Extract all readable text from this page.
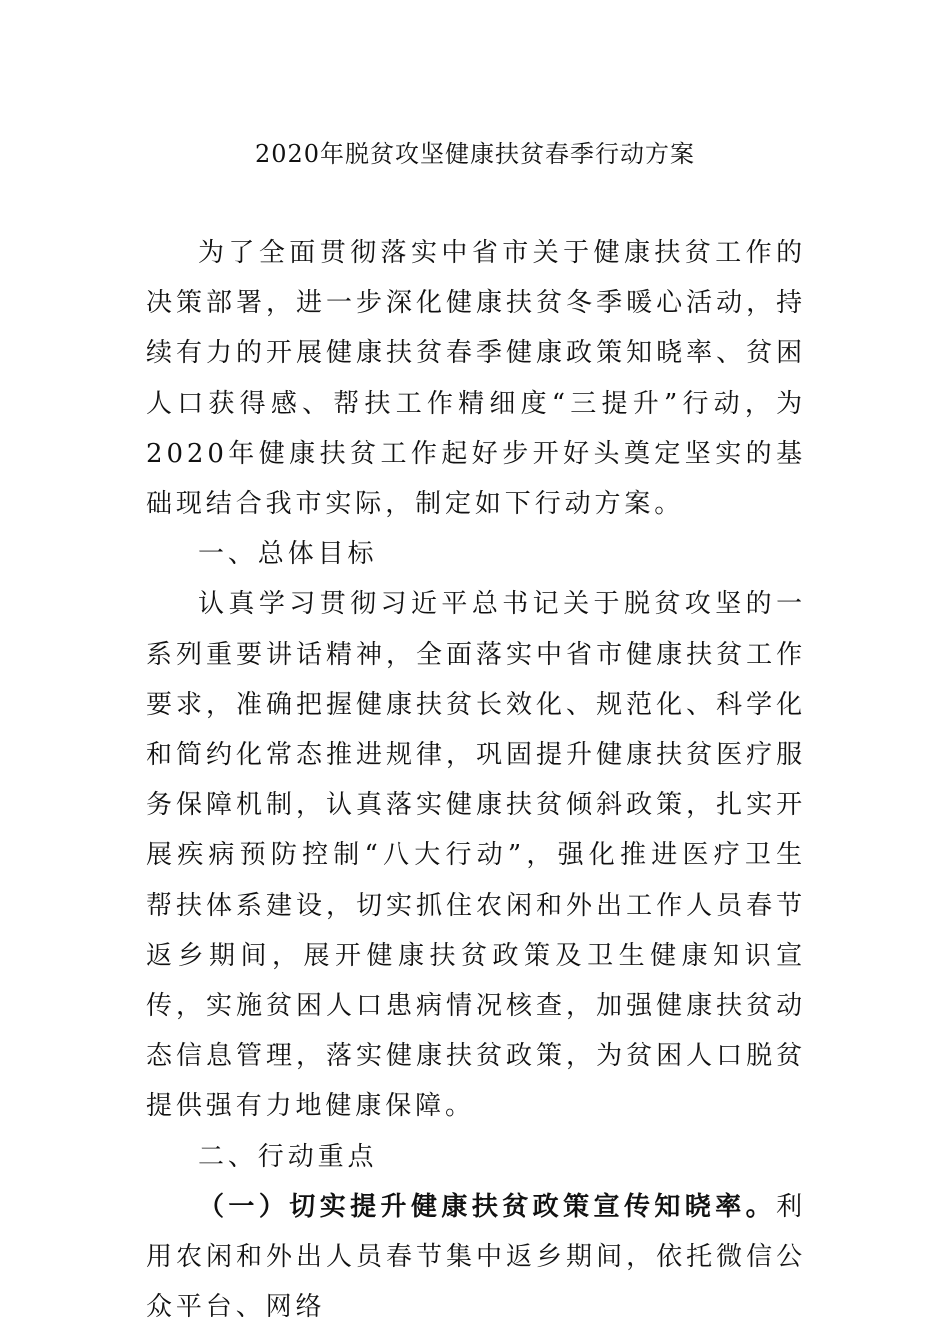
2020年脱贫攻坚健康扶贫春季行动方案

为了全面贯彻落实中省市关于健康扶贫工作的决策部署，进一步深化健康扶贫冬季暖心活动，持续有力的开展健康扶贫春季健康政策知晓率、贫困人口获得感、帮扶工作精细度“三提升”行动，为2020年健康扶贫工作起好步开好头奠定坚实的基础现结合我市实际，制定如下行动方案。

一、总体目标

认真学习贯彻习近平总书记关于脱贫攻坚的一系列重要讲话精神，全面落实中省市健康扶贫工作要求，准确把握健康扶贫长效化、规范化、科学化和简约化常态推进规律，巩固提升健康扶贫医疗服务保障机制，认真落实健康扶贫倾斜政策，扎实开展疾病预防控制“八大行动”，强化推进医疗卫生帮扶体系建设，切实抓住农闲和外出工作人员春节返乡期间，展开健康扶贫政策及卫生健康知识宣传，实施贫困人口患病情况核查，加强健康扶贫动态信息管理，落实健康扶贫政策，为贫困人口脱贫提供强有力地健康保障。

二、行动重点

（一）切实提升健康扶贫政策宣传知晓率。利用农闲和外出人员春节集中返乡期间，依托微信公众平台、网络
